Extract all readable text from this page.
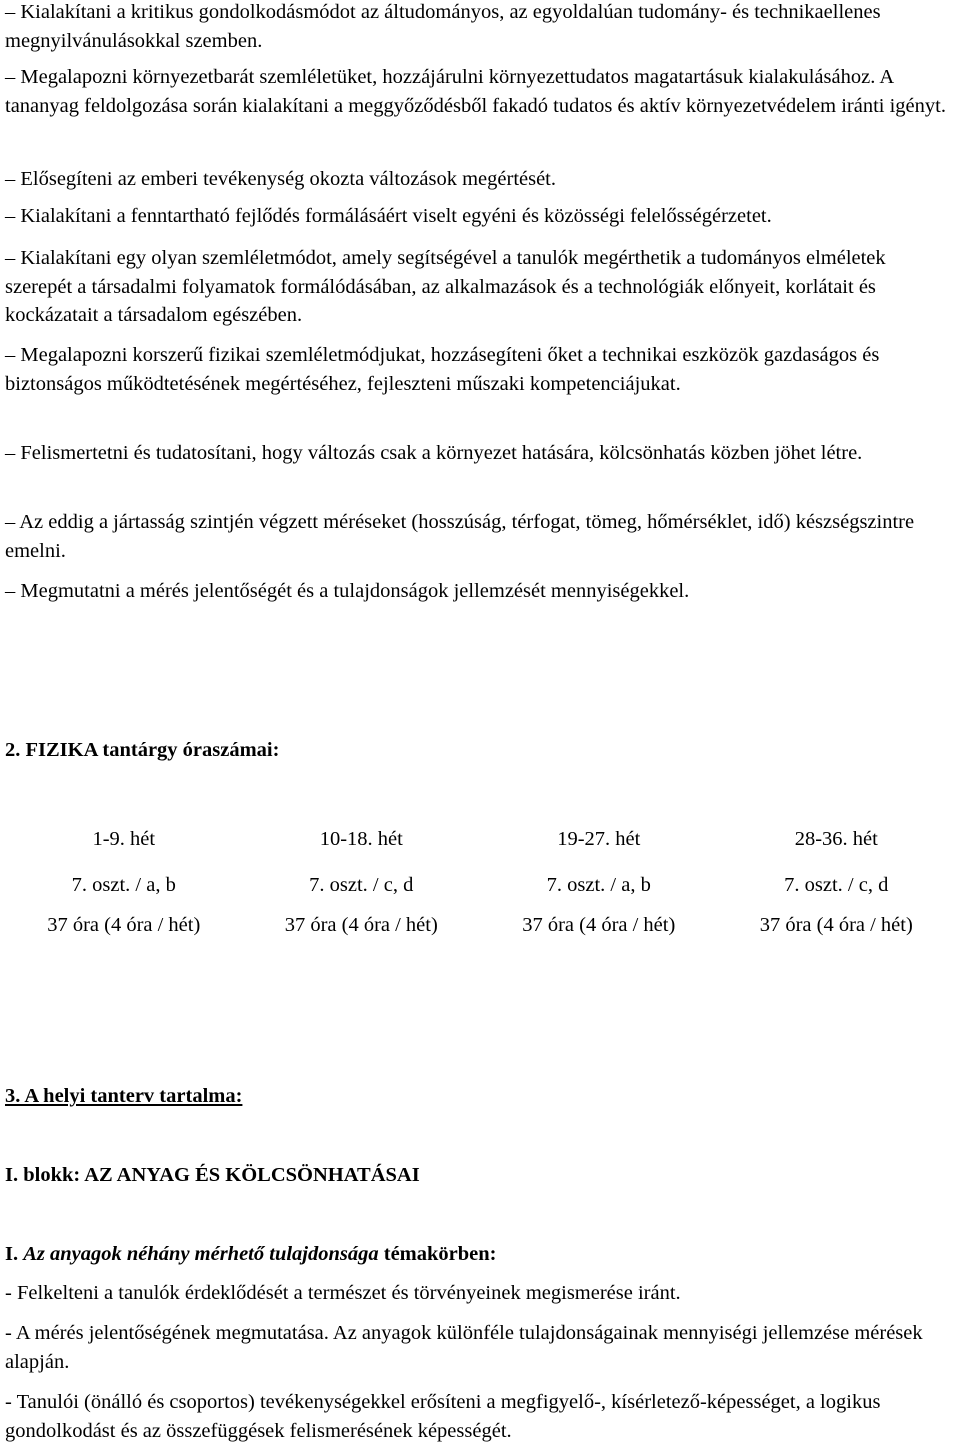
– Kialakítani a kritikus gondolkodásmódot az áltudományos, az egyoldalúan tudomány- és technikaellenes megnyilvánulásokkal szemben.

– Megalapozni környezetbarát szemléletüket, hozzájárulni környezettudatos magatartásuk kialakulásához. A tananyag feldolgozása során kialakítani a meggyőződésből fakadó tudatos és aktív környezetvédelem iránti igényt.

– Elősegíteni az emberi tevékenység okozta változások megértését.

– Kialakítani a fenntartható fejlődés formálásáért viselt egyéni és közösségi felelősségérzetet.

– Kialakítani egy olyan szemléletmódot, amely segítségével a tanulók megérthetik a tudományos elméletek szerepét a társadalmi folyamatok formálódásában, az alkalmazások és a technológiák előnyeit, korlátait és kockázatait a társadalom egészében.

– Megalapozni korszerű fizikai szemléletmódjukat, hozzásegíteni őket a technikai eszközök gazdaságos és biztonságos működtetésének megértéséhez, fejleszteni műszaki kompetenciájukat.

– Felismertetni és tudatosítani, hogy változás csak a környezet hatására, kölcsönhatás közben jöhet létre.

– Az eddig a jártasság szintjén végzett méréseket (hosszúság, térfogat, tömeg, hőmérséklet, idő) készségszintre emelni.

– Megmutatni a mérés jelentőségét és a tulajdonságok jellemzését mennyiségekkel.

2. FIZIKA tantárgy óraszámai:

1-9. hét	10-18. hét	19-27. hét	28-36. hét
7. oszt. / a, b	7. oszt. / c, d	7. oszt. / a, b	7. oszt. / c, d
37 óra (4 óra / hét)	37 óra (4 óra / hét)	37 óra (4 óra / hét)	37 óra (4 óra / hét)

3. A helyi tanterv tartalma:

I. blokk: AZ ANYAG ÉS KÖLCSÖNHATÁSAI

I. Az anyagok néhány mérhető tulajdonsága témakörben:

- Felkelteni a tanulók érdeklődését a természet és törvényeinek megismerése iránt.

- A mérés jelentőségének megmutatása. Az anyagok különféle tulajdonságainak mennyiségi jellemzése mérések alapján.

- Tanulói (önálló és csoportos) tevékenységekkel erősíteni a megfigyelő-, kísérletező-képességet, a logikus gondolkodást és az összefüggések felismerésének képességét.
